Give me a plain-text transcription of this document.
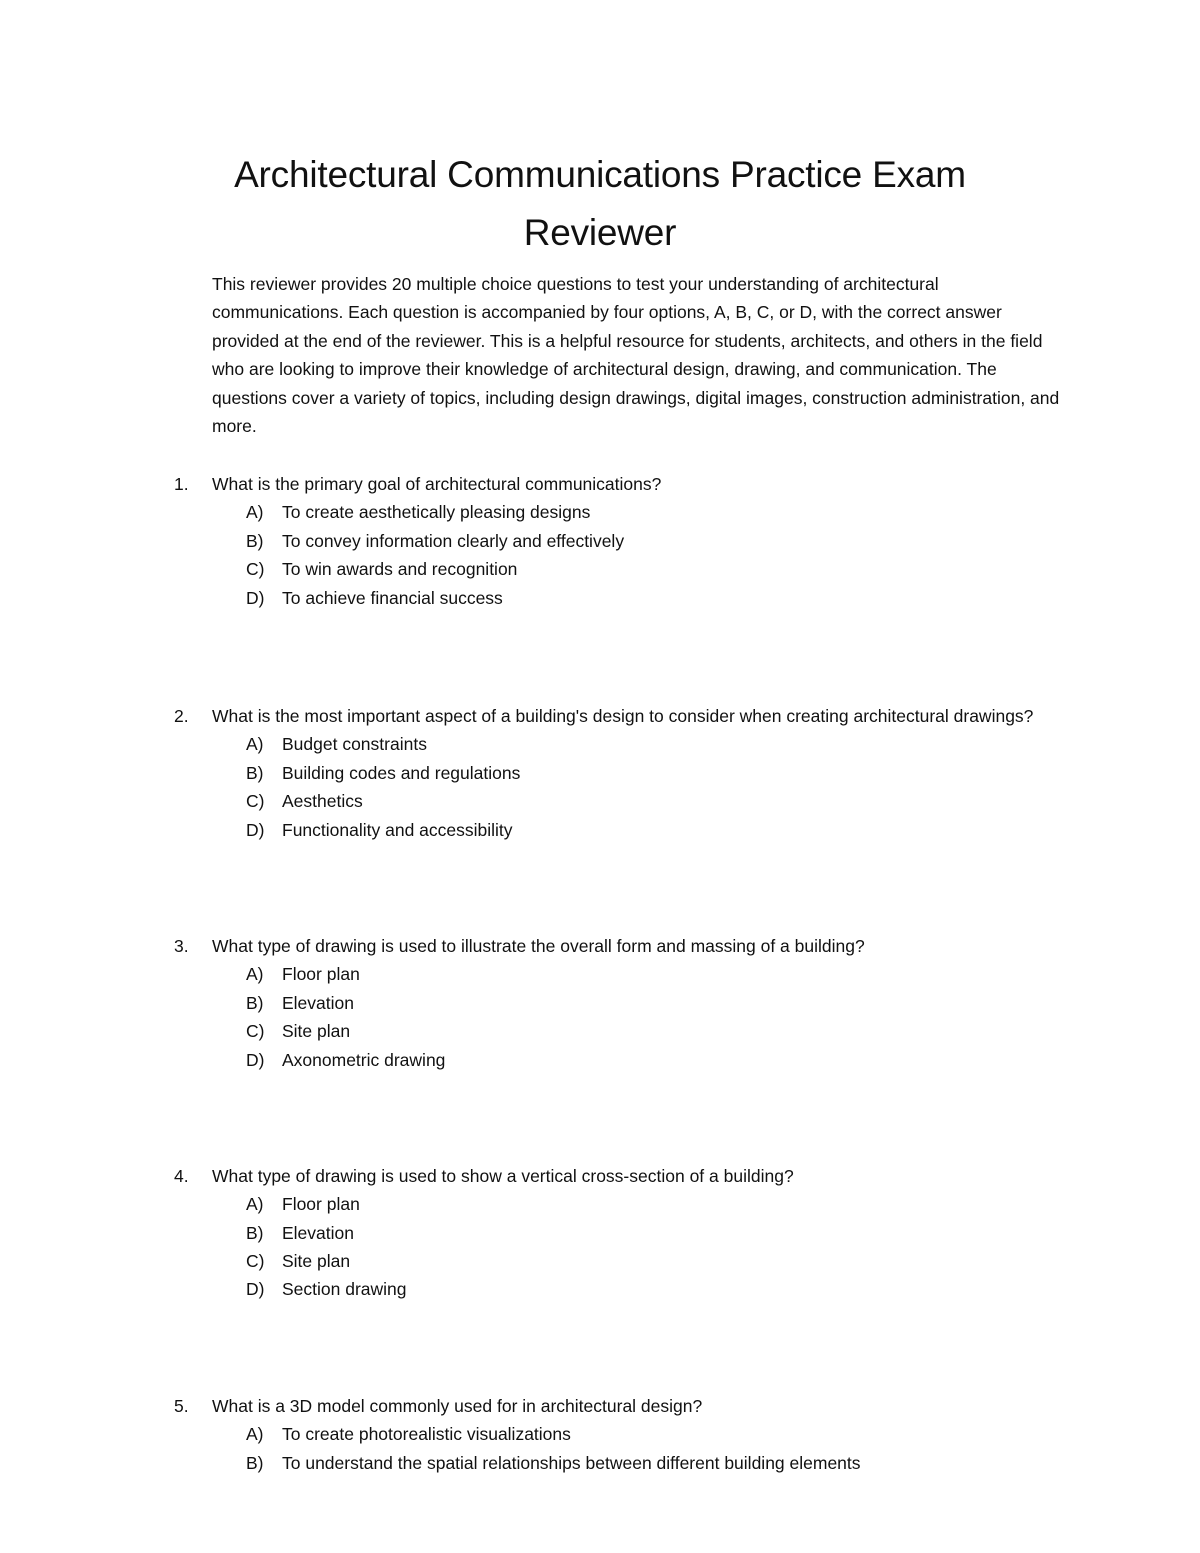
Architectural Communications Practice Exam
Reviewer

This reviewer provides 20 multiple choice questions to test your understanding of architectural communications. Each question is accompanied by four options, A, B, C, or D, with the correct answer provided at the end of the reviewer. This is a helpful resource for students, architects, and others in the field who are looking to improve their knowledge of architectural design, drawing, and communication. The questions cover a variety of topics, including design drawings, digital images, construction administration, and more.

1. What is the primary goal of architectural communications?
A) To create aesthetically pleasing designs
B) To convey information clearly and effectively
C) To win awards and recognition
D) To achieve financial success
2. What is the most important aspect of a building's design to consider when creating architectural drawings?
A) Budget constraints
B) Building codes and regulations
C) Aesthetics
D) Functionality and accessibility
3. What type of drawing is used to illustrate the overall form and massing of a building?
A) Floor plan
B) Elevation
C) Site plan
D) Axonometric drawing
4. What type of drawing is used to show a vertical cross-section of a building?
A) Floor plan
B) Elevation
C) Site plan
D) Section drawing
5. What is a 3D model commonly used for in architectural design?
A) To create photorealistic visualizations
B) To understand the spatial relationships between different building elements
